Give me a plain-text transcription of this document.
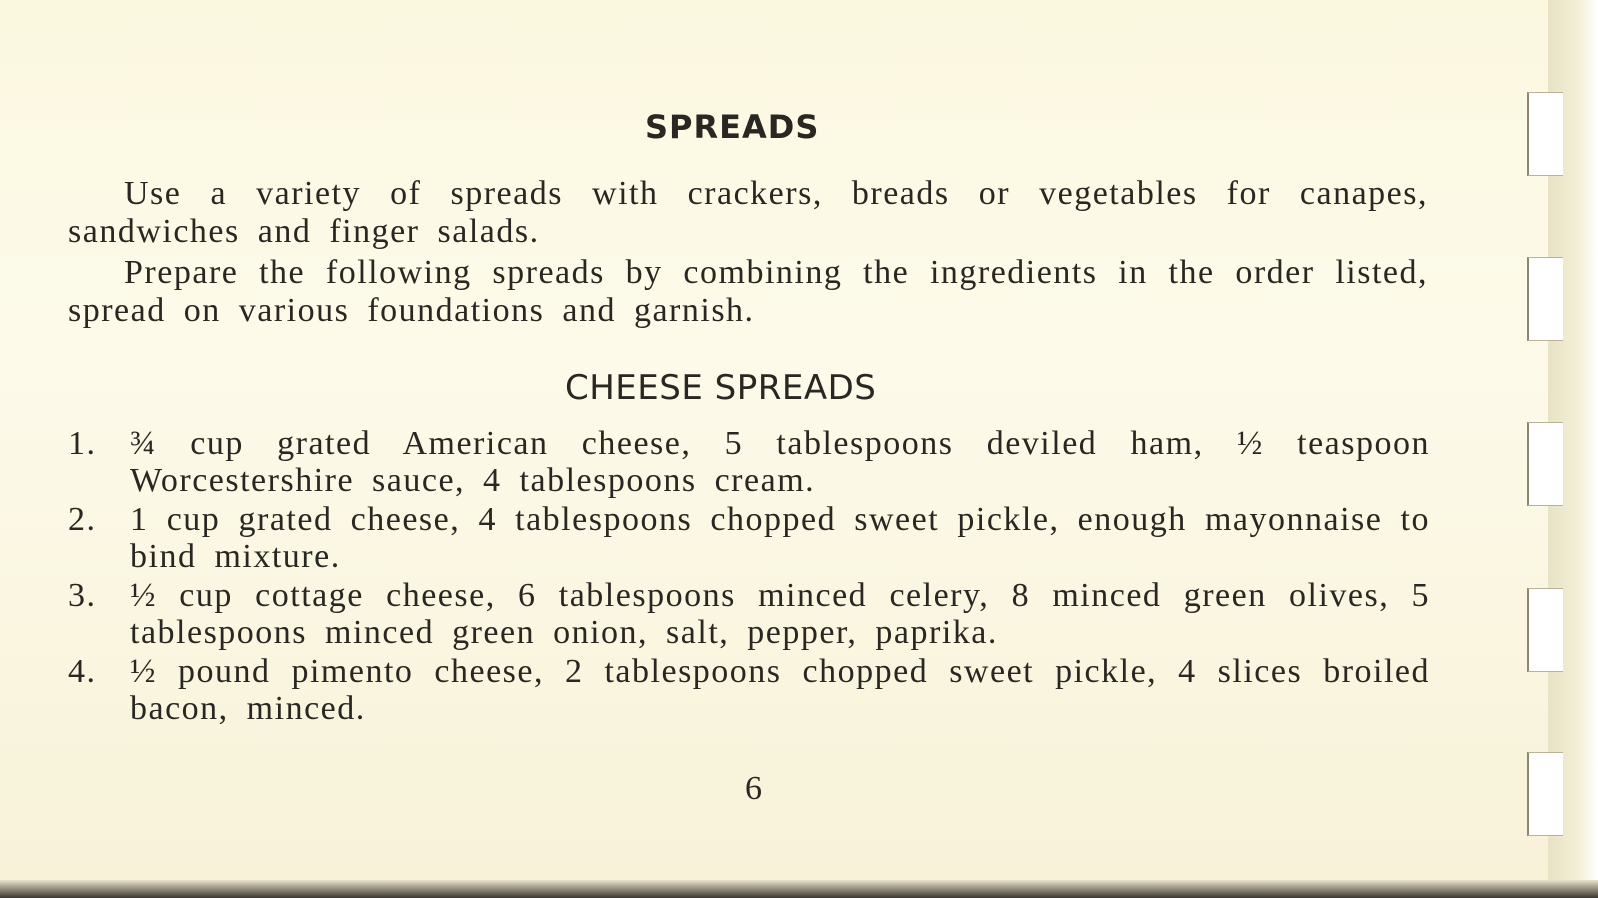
SPREADS

Use a variety of spreads with crackers, breads or vegetables for canapes, sandwiches and finger salads.

Prepare the following spreads by combining the ingredients in the order listed, spread on various foundations and garnish.

CHEESE SPREADS
1. ¾ cup grated American cheese, 5 tablespoons deviled ham, ½ teaspoon Worcestershire sauce, 4 tablespoons cream.
2. 1 cup grated cheese, 4 tablespoons chopped sweet pickle, enough mayonnaise to bind mixture.
3. ½ cup cottage cheese, 6 tablespoons minced celery, 8 minced green olives, 5 tablespoons minced green onion, salt, pepper, paprika.
4. ½ pound pimento cheese, 2 tablespoons chopped sweet pickle, 4 slices broiled bacon, minced.
6
